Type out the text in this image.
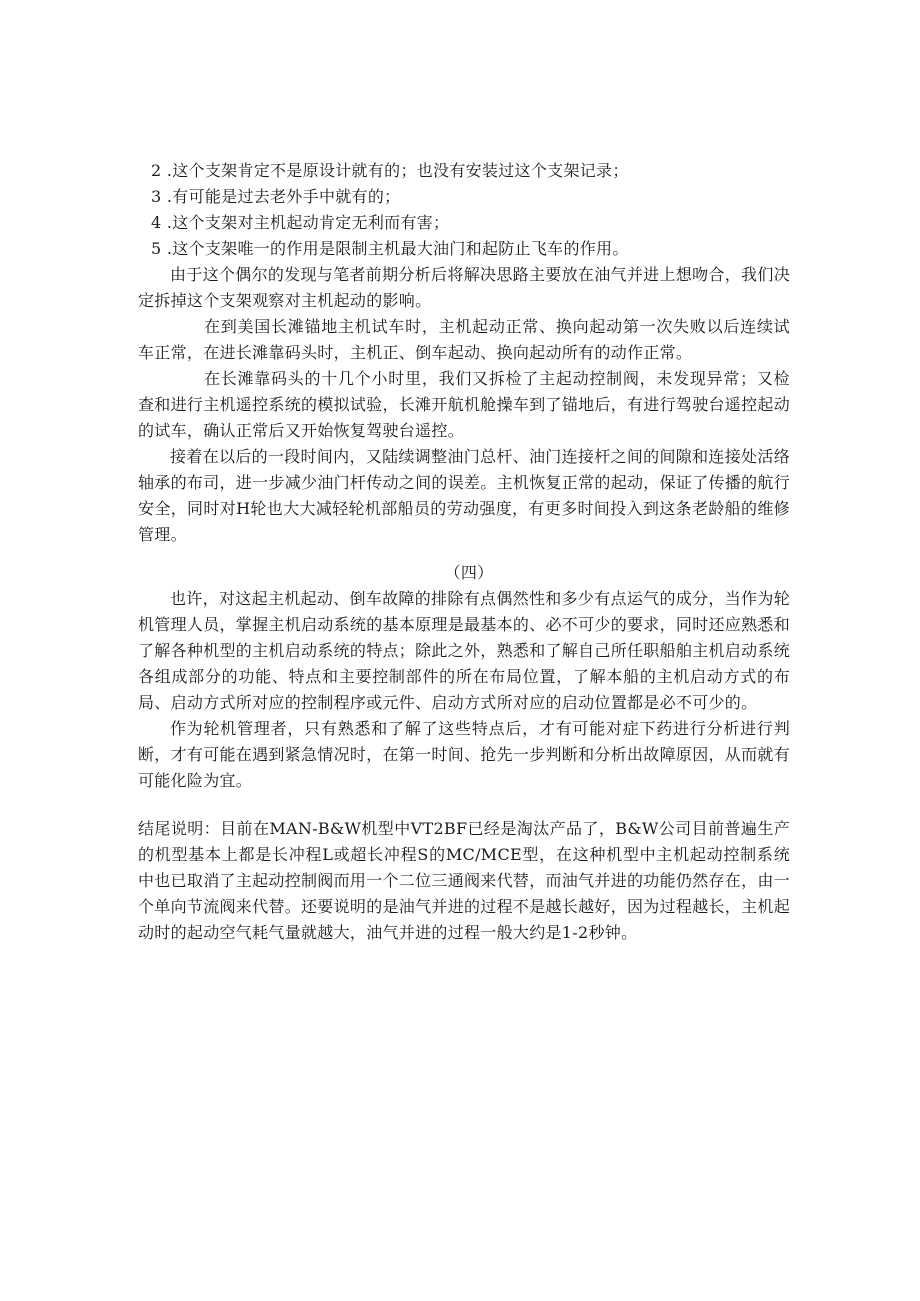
2 .这个支架肯定不是原设计就有的；也没有安装过这个支架记录；

3 .有可能是过去老外手中就有的；

4 .这个支架对主机起动肯定无利而有害；

5 .这个支架唯一的作用是限制主机最大油门和起防止飞车的作用。

由于这个偶尔的发现与笔者前期分析后将解决思路主要放在油气并进上想吻合，我们决定拆掉这个支架观察对主机起动的影响。

在到美国长滩锚地主机试车时，主机起动正常、换向起动第一次失败以后连续试车正常，在进长滩靠码头时，主机正、倒车起动、换向起动所有的动作正常。

在长滩靠码头的十几个小时里，我们又拆检了主起动控制阀，未发现异常；又检查和进行主机遥控系统的模拟试验，长滩开航机舱操车到了锚地后，有进行驾驶台遥控起动的试车，确认正常后又开始恢复驾驶台遥控。

接着在以后的一段时间内，又陆续调整油门总杆、油门连接杆之间的间隙和连接处活络轴承的布司，进一步减少油门杆传动之间的误差。主机恢复正常的起动，保证了传播的航行安全，同时对H轮也大大减轻轮机部船员的劳动强度，有更多时间投入到这条老龄船的维修管理。

（四）

也许，对这起主机起动、倒车故障的排除有点偶然性和多少有点运气的成分，当作为轮机管理人员，掌握主机启动系统的基本原理是最基本的、必不可少的要求，同时还应熟悉和了解各种机型的主机启动系统的特点；除此之外，熟悉和了解自己所任职船舶主机启动系统各组成部分的功能、特点和主要控制部件的所在布局位置，了解本船的主机启动方式的布局、启动方式所对应的控制程序或元件、启动方式所对应的启动位置都是必不可少的。

作为轮机管理者，只有熟悉和了解了这些特点后，才有可能对症下药进行分析进行判断，才有可能在遇到紧急情况时，在第一时间、抢先一步判断和分析出故障原因，从而就有可能化险为宜。

结尾说明：目前在MAN-B&W机型中VT2BF已经是淘汰产品了，B&W公司目前普遍生产的机型基本上都是长冲程L或超长冲程S的MC/MCE型，在这种机型中主机起动控制系统中也已取消了主起动控制阀而用一个二位三通阀来代替，而油气并进的功能仍然存在，由一个单向节流阀来代替。还要说明的是油气并进的过程不是越长越好，因为过程越长，主机起动时的起动空气耗气量就越大，油气并进的过程一般大约是1-2秒钟。
